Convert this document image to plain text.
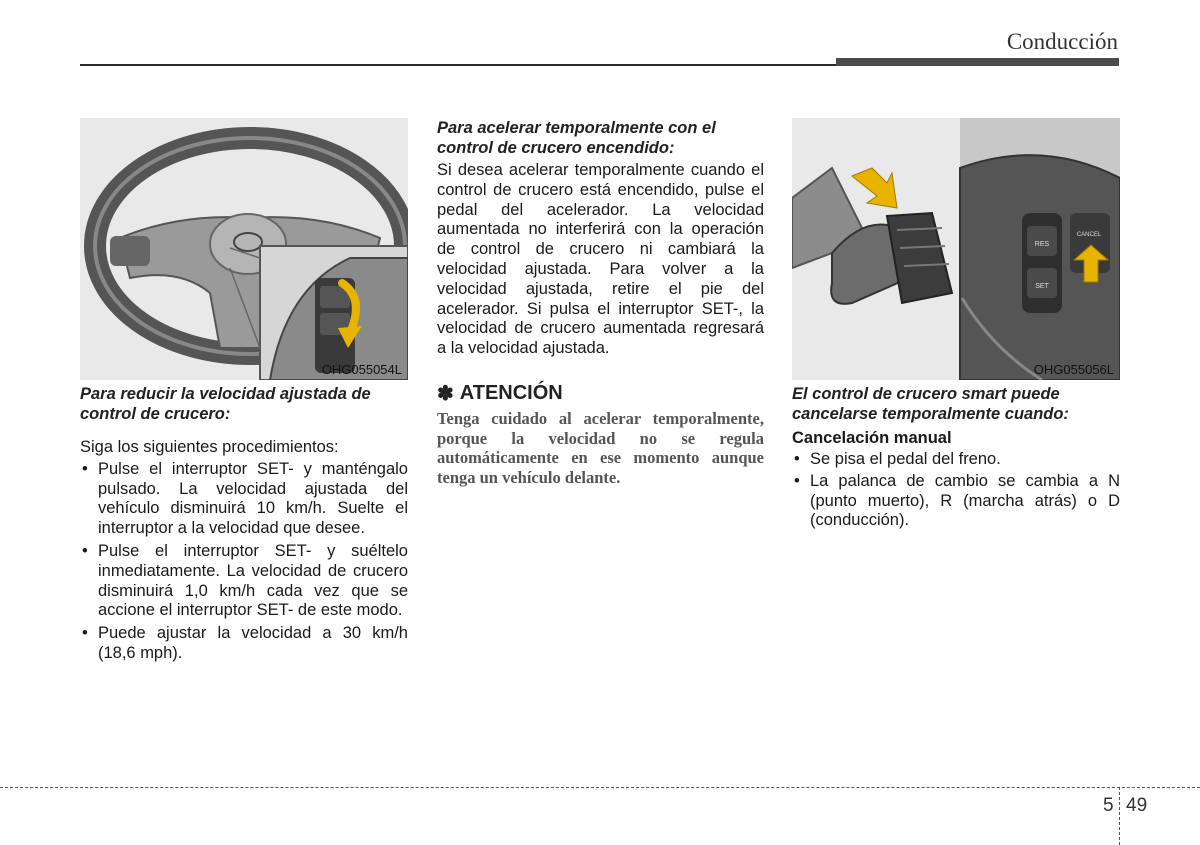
Conducción
OHG055054L

Para reducir la velocidad ajustada de control de crucero:

Siga los siguientes procedimientos:

• Pulse el interruptor SET- y manténgalo pulsado. La velocidad ajustada del vehículo disminuirá 10 km/h. Suelte el interruptor a la velocidad que desee.
• Pulse el interruptor SET- y suéltelo inmediatamente. La velocidad de crucero disminuirá 1,0 km/h cada vez que se accione el interruptor SET- de este modo.
• Puede ajustar la velocidad a 30 km/h (18,6 mph).

Para acelerar temporalmente con el control de crucero encendido:

Si desea acelerar temporalmente cuando el control de crucero está encendido, pulse el pedal del acelerador. La velocidad aumentada no interferirá con la operación de control de crucero ni cambiará la velocidad ajustada. Para volver a la velocidad ajustada, retire el pie del acelerador. Si pulsa el interruptor SET-, la velocidad de crucero aumentada regresará a la velocidad ajustada.

✽ ATENCIÓN

Tenga cuidado al acelerar temporalmente, porque la velocidad no se regula automáticamente en ese momento aunque tenga un vehículo delante.

RES
SET
CANCEL
OHG055056L

El control de crucero smart puede cancelarse temporalmente cuando:

Cancelación manual

• Se pisa el pedal del freno.
• La palanca de cambio se cambia a N (punto muerto), R (marcha atrás) o D (conducción).
5 49
